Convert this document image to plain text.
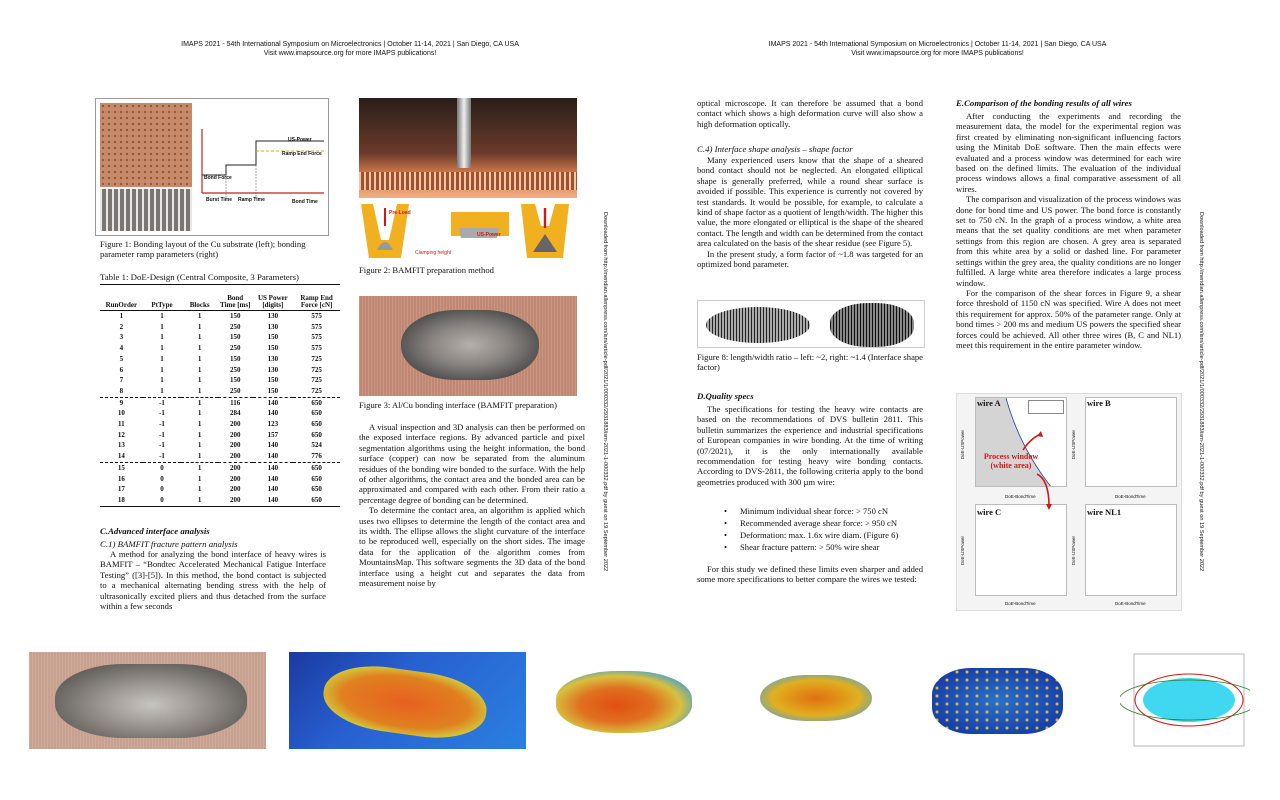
IMAPS 2021 - 54th International Symposium on Microelectronics | October 11-14, 2021 | San Diego, CA USA
Visit www.imapsource.org for more IMAPS publications!
IMAPS 2021 - 54th International Symposium on Microelectronics | October 11-14, 2021 | San Diego, CA USA
Visit www.imapsource.org for more IMAPS publications!
Downloaded from http://meridian.allenpress.com/ism/article-pdf/2021/1/000332/2931883/ism-2021-1-000332.pdf by guest on 19 September 2022	Downloaded from http://meridian.allenpress.com/ism/article-pdf/2021/1/000332/2931883/ism-2021-1-000332.pdf by guest on 19 September 2022
US-Power
Ramp End Force
Bond Force
Burst Time Ramp Time	Bond Time
Figure 1: Bonding layout of the Cu substrate (left); bonding parameter ramp parameters (right)
Table 1: DoE-Design (Central Composite, 3 Parameters)
RunOrder	PtType	Blocks	Bond Time [ms]	US Power [digits]	Ramp End Force [cN]
1	1	1	150	130	575
2	1	1	250	130	575
3	1	1	150	150	575
4	1	1	250	150	575
5	1	1	150	130	725
6	1	1	250	130	725
7	1	1	150	150	725
8	1	1	250	150	725
9	-1	1	116	140	650
10	-1	1	284	140	650
11	-1	1	200	123	650
12	-1	1	200	157	650
13	-1	1	200	140	524
14	-1	1	200	140	776
15	0	1	200	140	650
16	0	1	200	140	650
17	0	1	200	140	650
18	0	1	200	140	650
C.Advanced interface analysis
C.1) BAMFIT fracture pattern analysis

A method for analyzing the bond interface of heavy wires is BAMFIT – “Bondtec Accelerated Mechanical Fatigue Interface Testing” ([3]-[5]). In this method, the bond contact is subjected to a mechanical alternating bending stress with the help of ultrasonically excited pliers and thus detached from the surface within a few seconds

Pre-Load
Clamping height
US-Power
Figure 2: BAMFIT preparation method
Figure 3: Al/Cu bonding interface (BAMFIT preparation)

A visual inspection and 3D analysis can then be performed on the exposed interface regions. By advanced particle and pixel segmentation algorithms using the height information, the bond surface (copper) can now be separated from the aluminum residues of the bonding wire bonded to the surface. With the help of other algorithms, the contact area and the bonded area can be approximated and compared with each other. From their ratio a percentage degree of bonding can be determined.

To determine the contact area, an algorithm is applied which uses two ellipses to determine the length of the contact area and its width. The ellipse allows the slight curvature of the interface to be reproduced well, especially on the short sides. The image data for the application of the algorithm comes from MountainsMap. This software segments the 3D data of the bond interface using a height cut and separates the data from measurement noise by

optical microscope. It can therefore be assumed that a bond contact which shows a high deformation curve will also show a high deformation optically.
C.4) Interface shape analysis – shape factor

Many experienced users know that the shape of a sheared bond contact should not be neglected. An elongated elliptical shape is generally preferred, while a round shear surface is avoided if possible. This experience is currently not covered by test standards. It would be possible, for example, to calculate a kind of shape factor as a quotient of length/width. The higher this value, the more elongated or elliptical is the shape of the sheared contact. The length and width can be determined from the contact area calculated on the basis of the shear residue (see Figure 5).

In the present study, a form factor of ~1.8 was targeted for an optimized bond parameter.

Figure 8: length/width ratio – left: ~2, right: ~1.4 (Interface shape factor)
D.Quality specs

The specifications for testing the heavy wire contacts are based on the recommendations of DVS bulletin 2811. This bulletin summarizes the experience and industrial specifications of European companies in wire bonding. At the time of writing (07/2021), it is the only internationally available recommendation for testing heavy wire bonding contacts. According to DVS-2811, the following criteria apply to the bond geometries produced with 300 µm wire:

• Minimum individual shear force: > 750 cN
• Recommended average shear force: > 950 cN
• Deformation: max. 1.6x wire diam. (Figure 6)
• Shear fracture pattern: > 50% wire shear

For this study we defined these limits even sharper and added some more specifications to better compare the wires we tested:

E.Comparison of the bonding results of all wires

After conducting the experiments and recording the measurement data, the model for the experimental region was first created by eliminating non-significant influencing factors using the Minitab DoE software. Then the main effects were evaluated and a process window was determined for each wire based on the defined limits. The evaluation of the individual process windows allows a final comparative assessment of all wires.

The comparison and visualization of the process windows was done for bond time and US power. The bond force is constantly set to 750 cN. In the graph of a process window, a white area means that the set quality conditions are met when parameter settings from this region are chosen. A grey area is separated from this white area by a solid or dashed line. For parameter settings within the grey area, the quality conditions are no longer fulfilled. A large white area therefore indicates a large process window.

For the comparison of the shear forces in Figure 9, a shear force threshold of 1150 cN was specified. Wire A does not meet this requirement for approx. 50% of the parameter range. Only at bond times > 200 ms and medium US powers the specified shear forces could be achieved. All other three wires (B, C and NL1) meet this requirement in the entire parameter window.

wire A	wire B
wire C	wire NL1
Process window (white area)
DoE-BondTime	DoE-BondTime
DoE-BondTime	DoE-BondTime
DoE-USPower	DoE-USPower
DoE-USPower	DoE-USPower
